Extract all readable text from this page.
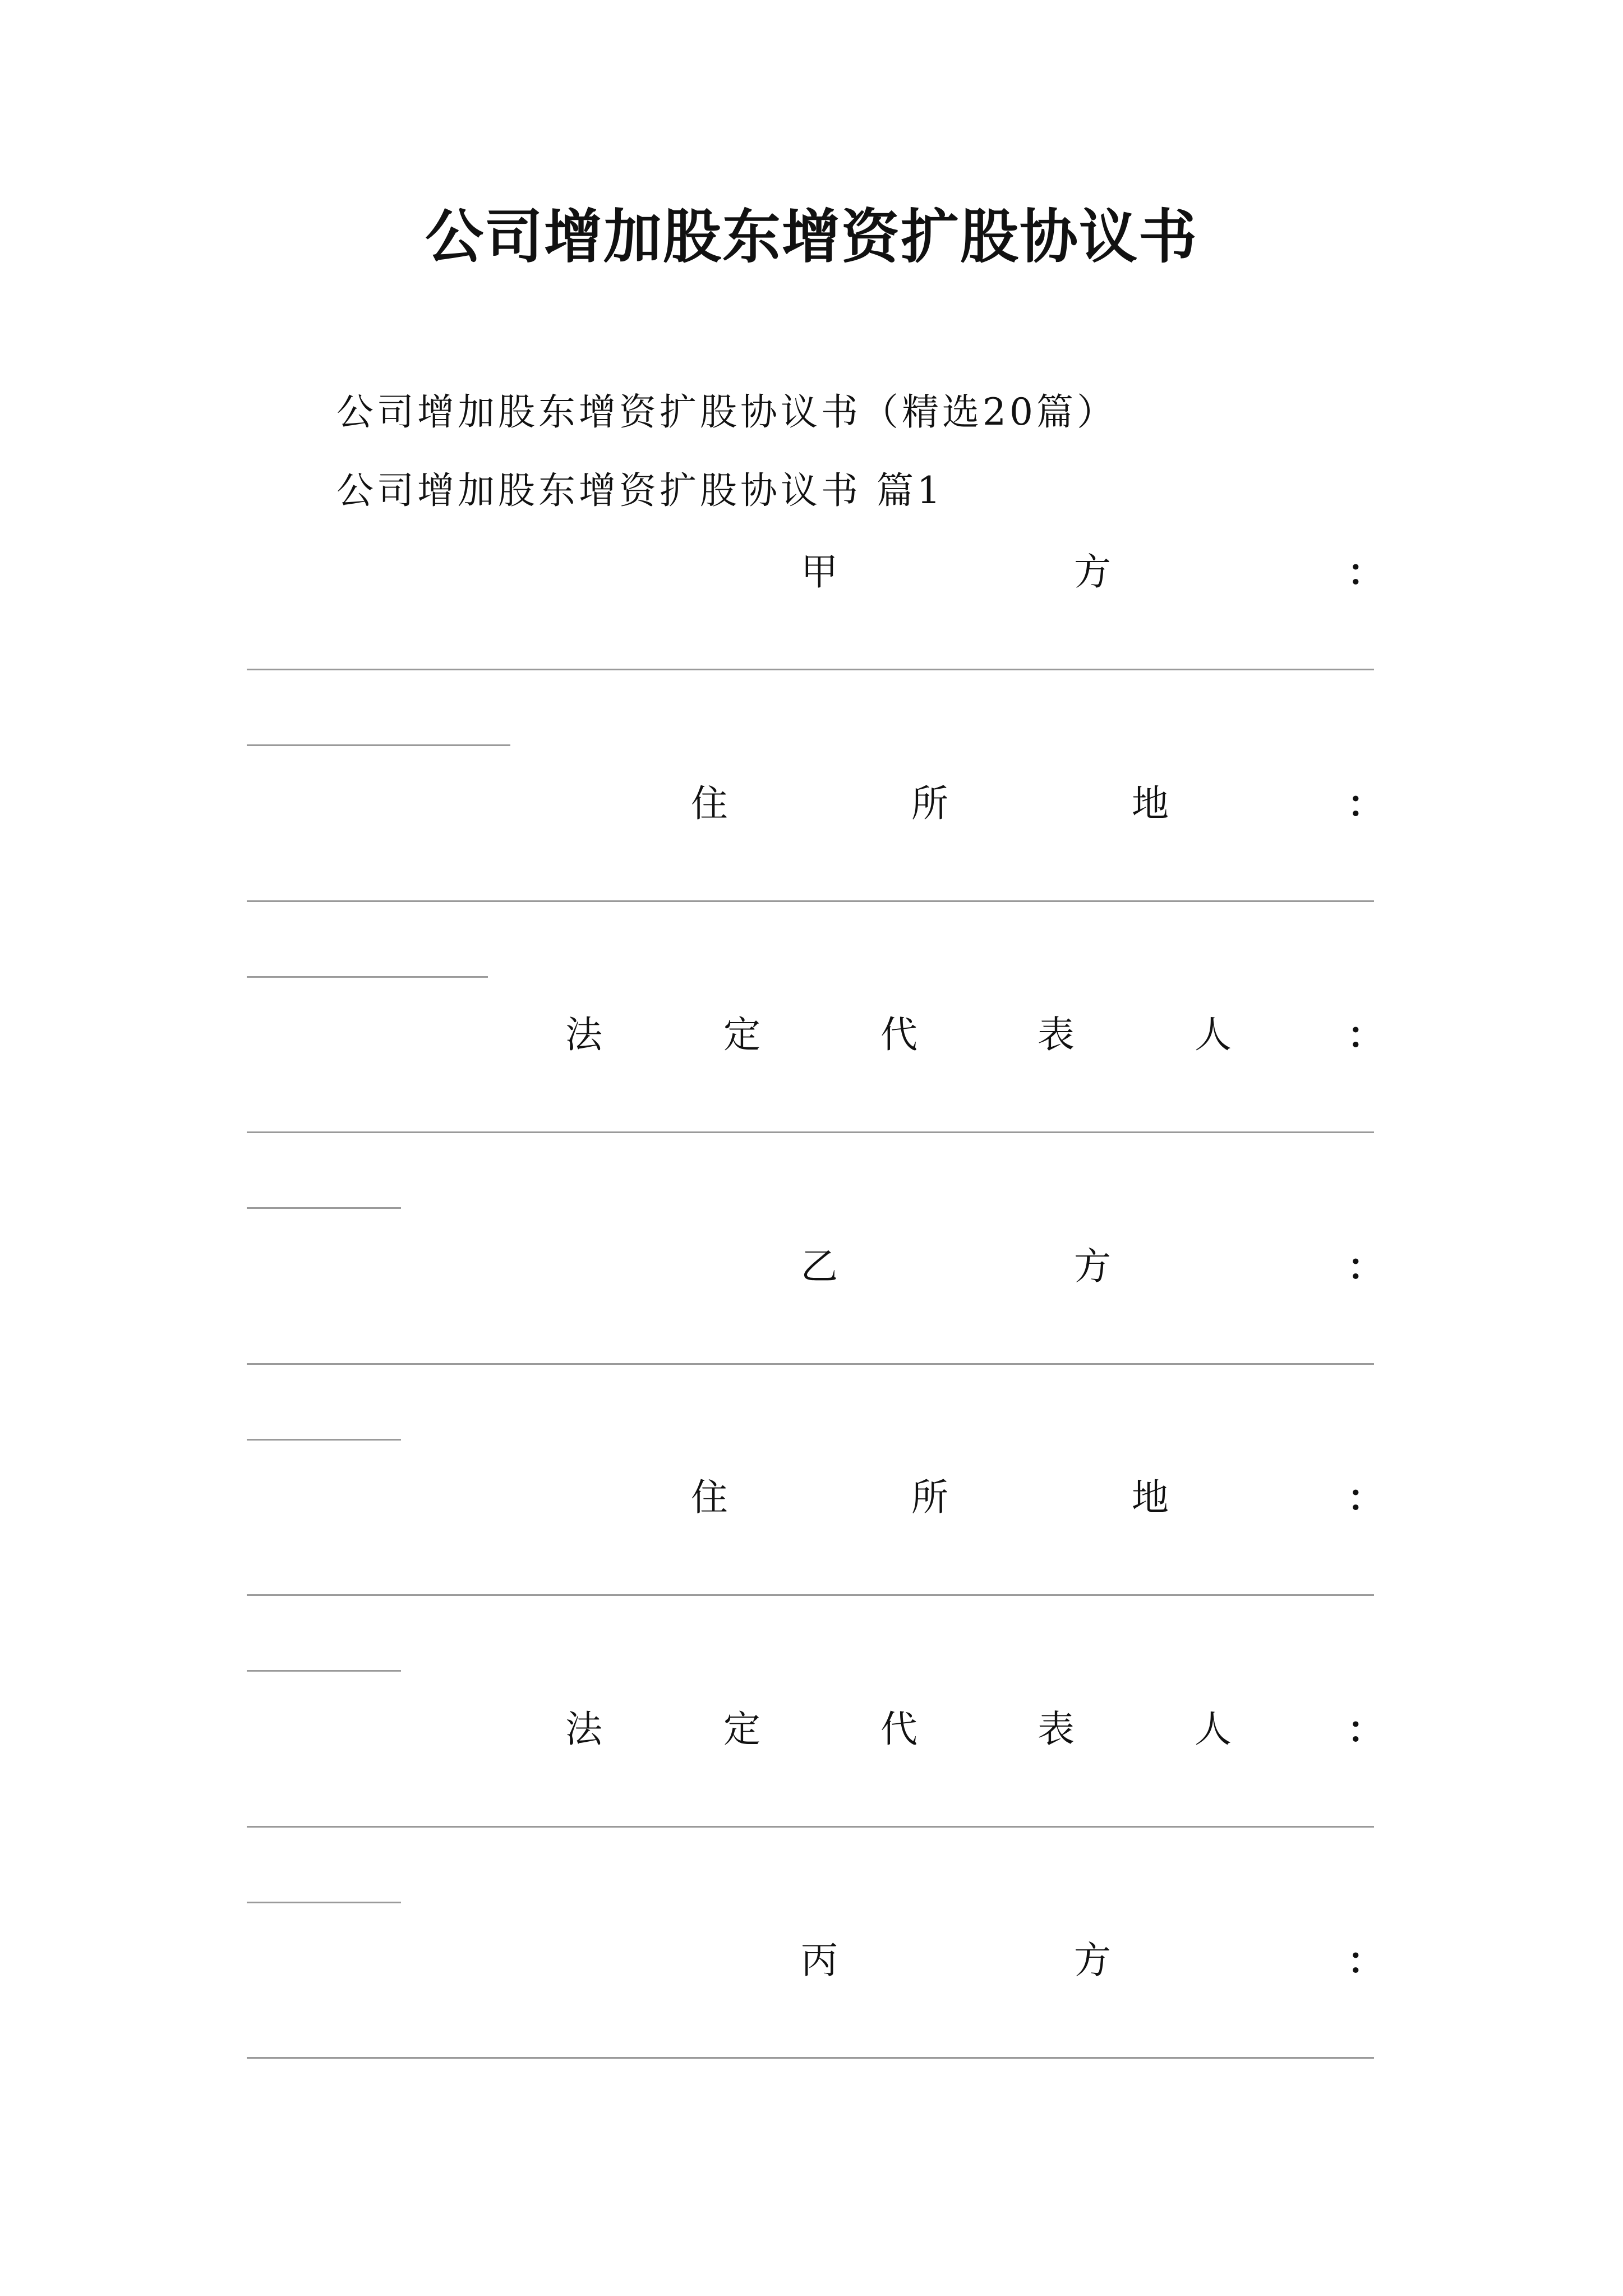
公司增加股东增资扩股协议书
公司增加股东增资扩股协议书（精选20篇）
公司增加股东增资扩股协议书 篇1
甲	方	：
住	所	地	：
法	定	代	表	人	：
乙	方	：
住	所	地	：
法	定	代	表	人	：
丙	方	：
